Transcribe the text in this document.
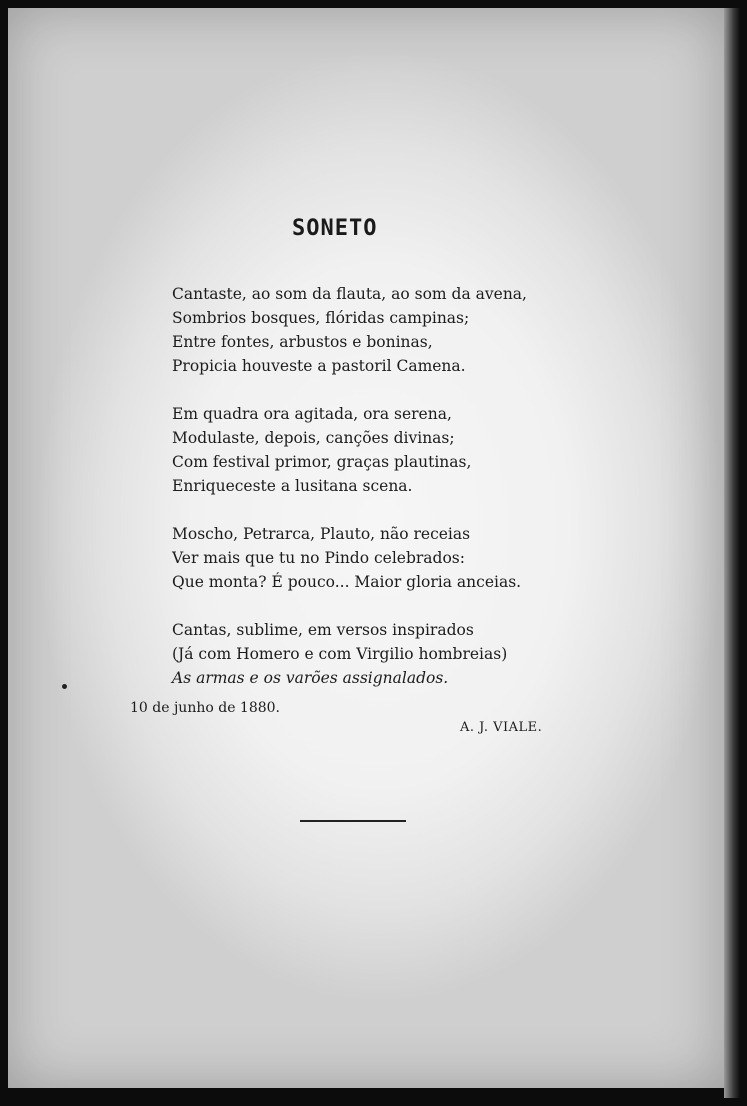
SONETO
Cantaste, ao som da flauta, ao som da avena,
Sombrios bosques, flóridas campinas;
Entre fontes, arbustos e boninas,
Propicia houveste a pastoril Camena.
Em quadra ora agitada, ora serena,
Modulaste, depois, canções divinas;
Com festival primor, graças plautinas,
Enriqueceste a lusitana scena.
Moscho, Petrarca, Plauto, não receias
Ver mais que tu no Pindo celebrados:
Que monta? É pouco... Maior gloria anceias.
Cantas, sublime, em versos inspirados
(Já com Homero e com Virgilio hombreias)
As armas e os varões assignalados.
10 de junho de 1880.
A. J. VIALE.
